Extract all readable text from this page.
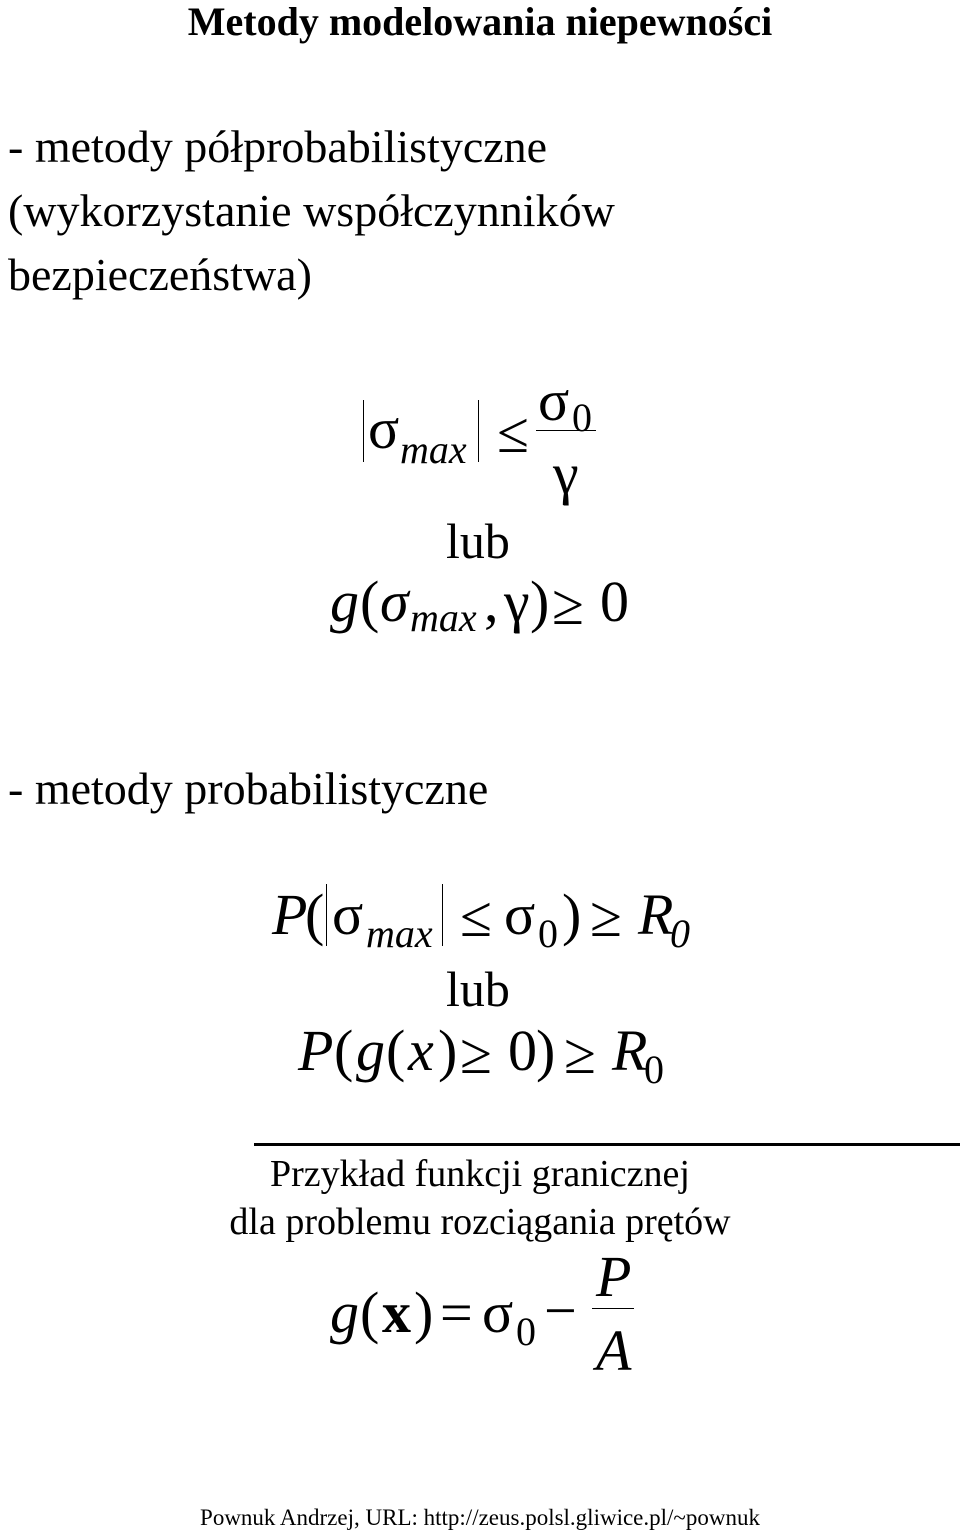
Metody modelowania niepewności
- metody półprobabilistyczne
(wykorzystanie współczynników
bezpieczeństwa)
σ max ≤ σ 0
γ
lub
g ( σ max , γ ) ≥ 0
- metody probabilistyczne
P
( σ max ≤ σ 0 ) ≥ R
0
lub
P ( g ( x ) ≥ 0 ) ≥ R
0
Przykład funkcji granicznej
dla problemu rozciągania prętów
g ( x ) = σ 0 −
P
A
Pownuk Andrzej, URL: http://zeus.polsl.gliwice.pl/~pownuk
